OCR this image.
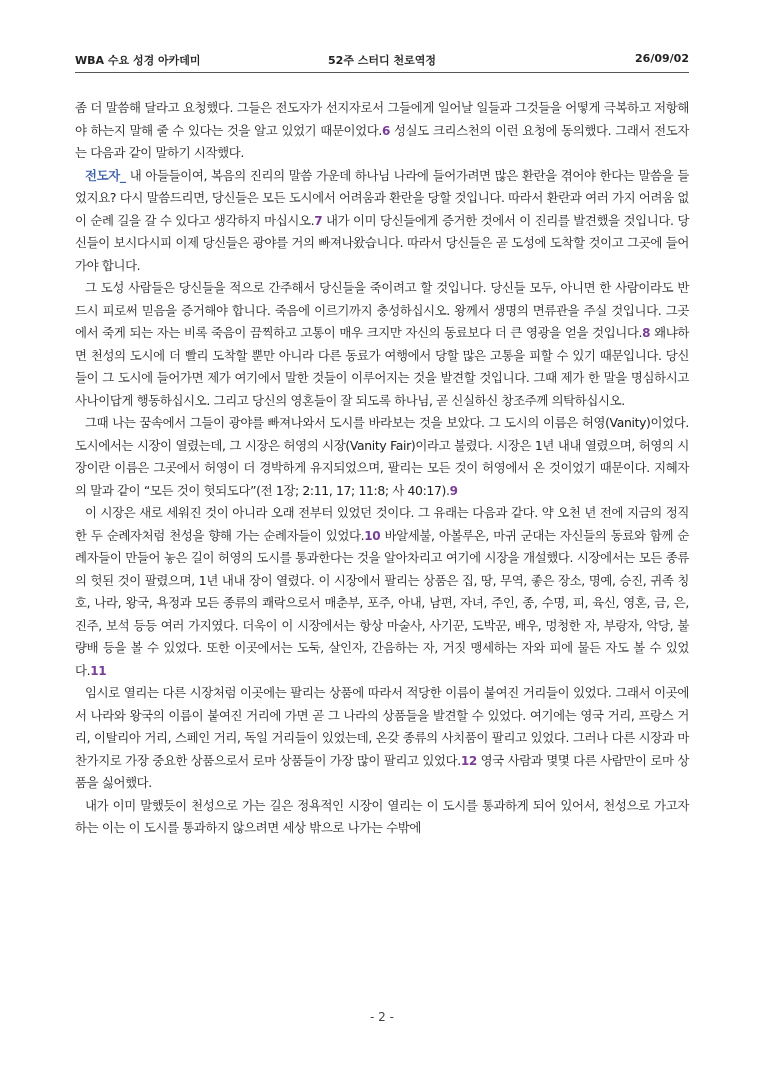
WBA 수요 성경 아카데미	52주 스터디 천로역정	26/09/02

좀 더 말씀해 달라고 요청했다. 그들은 전도자가 선지자로서 그들에게 일어날 일들과 그것들을 어떻게 극복하고 저항해야 하는지 말해 줄 수 있다는 것을 알고 있었기 때문이었다.6 성실도 크리스천의 이런 요청에 동의했다. 그래서 전도자는 다음과 같이 말하기 시작했다.

전도자_ 내 아들들이여, 복음의 진리의 말씀 가운데 하나님 나라에 들어가려면 많은 환란을 겪어야 한다는 말씀을 들었지요? 다시 말씀드리면, 당신들은 모든 도시에서 어려움과 환란을 당할 것입니다. 따라서 환란과 여러 가지 어려움 없이 순례 길을 갈 수 있다고 생각하지 마십시오.7 내가 이미 당신들에게 증거한 것에서 이 진리를 발견했을 것입니다. 당신들이 보시다시피 이제 당신들은 광야를 거의 빠져나왔습니다. 따라서 당신들은 곧 도성에 도착할 것이고 그곳에 들어가야 합니다.

그 도성 사람들은 당신들을 적으로 간주해서 당신들을 죽이려고 할 것입니다. 당신들 모두, 아니면 한 사람이라도 반드시 피로써 믿음을 증거해야 합니다. 죽음에 이르기까지 충성하십시오. 왕께서 생명의 면류관을 주실 것입니다. 그곳에서 죽게 되는 자는 비록 죽음이 끔찍하고 고통이 매우 크지만 자신의 동료보다 더 큰 영광을 얻을 것입니다.8 왜냐하면 천성의 도시에 더 빨리 도착할 뿐만 아니라 다른 동료가 여행에서 당할 많은 고통을 피할 수 있기 때문입니다. 당신들이 그 도시에 들어가면 제가 여기에서 말한 것들이 이루어지는 것을 발견할 것입니다. 그때 제가 한 말을 명심하시고 사나이답게 행동하십시오. 그리고 당신의 영혼들이 잘 되도록 하나님, 곧 신실하신 창조주께 의탁하십시오.

그때 나는 꿈속에서 그들이 광야를 빠져나와서 도시를 바라보는 것을 보았다. 그 도시의 이름은 허영(Vanity)이었다. 도시에서는 시장이 열렸는데, 그 시장은 허영의 시장(Vanity Fair)이라고 불렸다. 시장은 1년 내내 열렸으며, 허영의 시장이란 이름은 그곳에서 허영이 더 경박하게 유지되었으며, 팔리는 모든 것이 허영에서 온 것이었기 때문이다. 지혜자의 말과 같이 “모든 것이 헛되도다”(전 1장; 2:11, 17; 11:8; 사 40:17).9

이 시장은 새로 세워진 것이 아니라 오래 전부터 있었던 것이다. 그 유래는 다음과 같다. 약 오천 년 전에 지금의 정직한 두 순례자처럼 천성을 향해 가는 순례자들이 있었다.10 바알세불, 아볼루온, 마귀 군대는 자신들의 동료와 함께 순례자들이 만들어 놓은 길이 허영의 도시를 통과한다는 것을 알아차리고 여기에 시장을 개설했다. 시장에서는 모든 종류의 헛된 것이 팔렸으며, 1년 내내 장이 열렸다. 이 시장에서 팔리는 상품은 집, 땅, 무역, 좋은 장소, 명예, 승진, 귀족 칭호, 나라, 왕국, 욕정과 모든 종류의 쾌락으로서 매춘부, 포주, 아내, 남편, 자녀, 주인, 종, 수명, 피, 육신, 영혼, 금, 은, 진주, 보석 등등 여러 가지였다. 더욱이 이 시장에서는 항상 마술사, 사기꾼, 도박꾼, 배우, 멍청한 자, 부랑자, 악당, 불량배 등을 볼 수 있었다. 또한 이곳에서는 도둑, 살인자, 간음하는 자, 거짓 맹세하는 자와 피에 물든 자도 볼 수 있었다.11

임시로 열리는 다른 시장처럼 이곳에는 팔리는 상품에 따라서 적당한 이름이 붙여진 거리들이 있었다. 그래서 이곳에서 나라와 왕국의 이름이 붙여진 거리에 가면 곧 그 나라의 상품들을 발견할 수 있었다. 여기에는 영국 거리, 프랑스 거리, 이탈리아 거리, 스페인 거리, 독일 거리들이 있었는데, 온갖 종류의 사치품이 팔리고 있었다. 그러나 다른 시장과 마찬가지로 가장 중요한 상품으로서 로마 상품들이 가장 많이 팔리고 있었다.12 영국 사람과 몇몇 다른 사람만이 로마 상품을 싫어했다.

내가 이미 말했듯이 천성으로 가는 길은 정욕적인 시장이 열리는 이 도시를 통과하게 되어 있어서, 천성으로 가고자 하는 이는 이 도시를 통과하지 않으려면 세상 밖으로 나가는 수밖에

- 2 -
